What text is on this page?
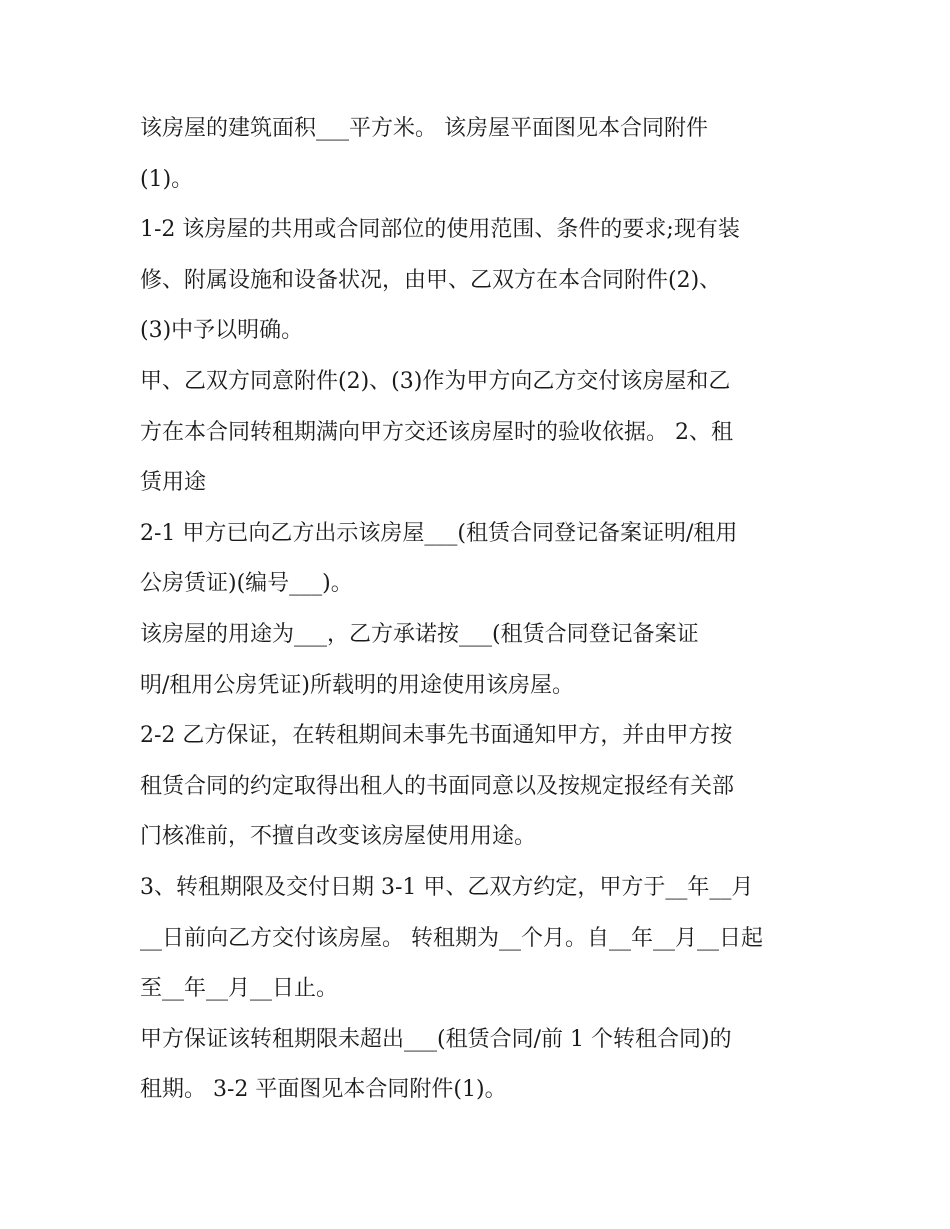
该房屋的建筑面积___平方米。 该房屋平面图见本合同附件
(1)。
1-2 该房屋的共用或合同部位的使用范围、条件的要求;现有装
修、附属设施和设备状况，由甲、乙双方在本合同附件(2)、
(3)中予以明确。
甲、乙双方同意附件(2)、(3)作为甲方向乙方交付该房屋和乙
方在本合同转租期满向甲方交还该房屋时的验收依据。 2、租
赁用途
2-1 甲方已向乙方出示该房屋___(租赁合同登记备案证明/租用
公房赁证)(编号___)。
该房屋的用途为___，乙方承诺按___(租赁合同登记备案证
明/租用公房凭证)所载明的用途使用该房屋。
2-2 乙方保证，在转租期间未事先书面通知甲方，并由甲方按
租赁合同的约定取得出租人的书面同意以及按规定报经有关部
门核准前，不擅自改变该房屋使用用途。
3、转租期限及交付日期 3-1 甲、乙双方约定，甲方于__年__月
__日前向乙方交付该房屋。 转租期为__个月。自__年__月__日起
至__年__月__日止。
甲方保证该转租期限未超出___(租赁合同/前 1 个转租合同)的
租期。 3-2 平面图见本合同附件(1)。
